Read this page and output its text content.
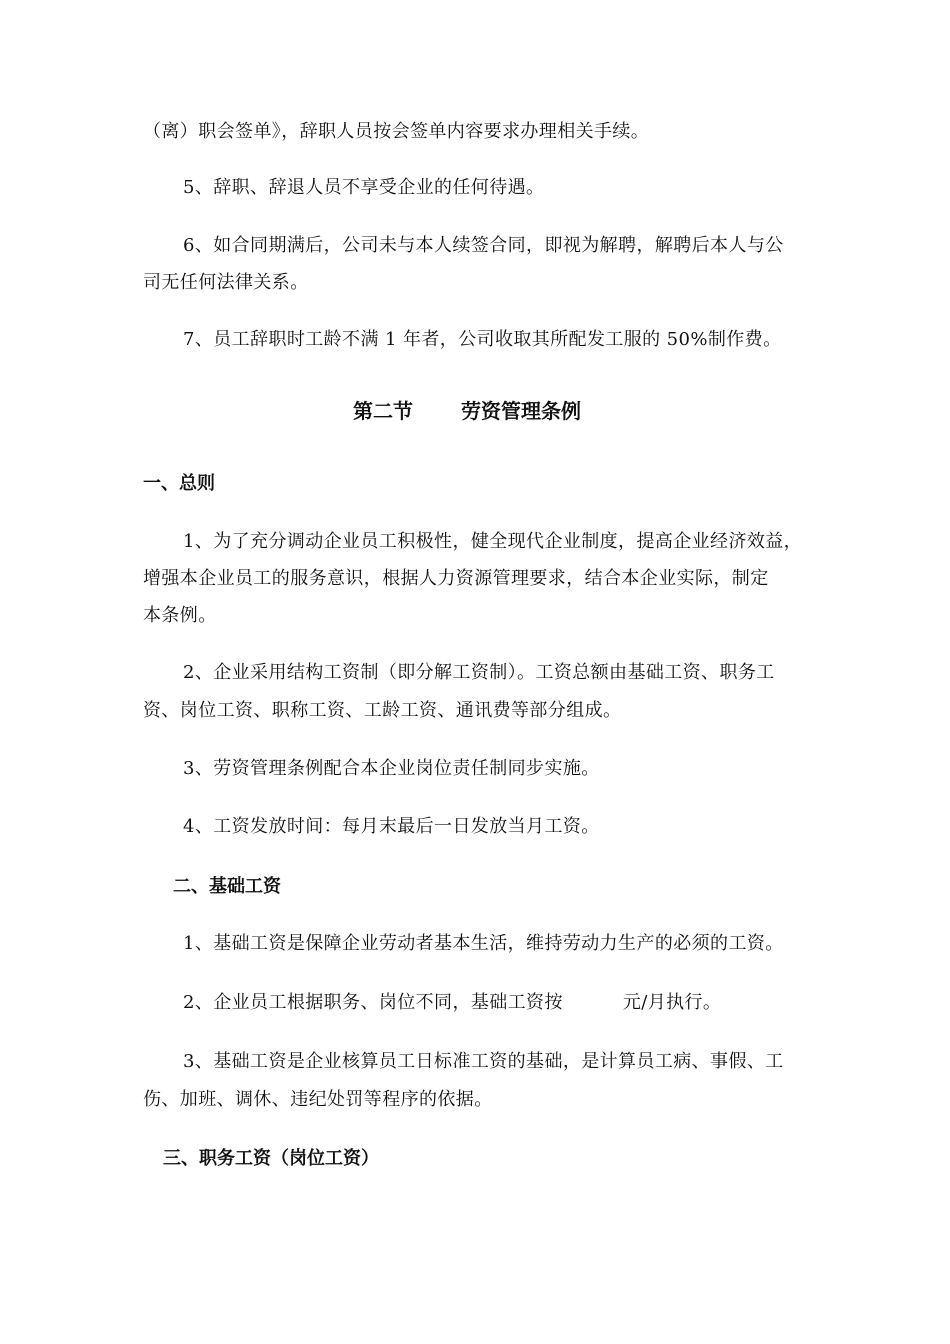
（离）职会签单》，辞职人员按会签单内容要求办理相关手续。
5、辞职、辞退人员不享受企业的任何待遇。
6、如合同期满后，公司未与本人续签合同，即视为解聘，解聘后本人与公
司无任何法律关系。
7、员工辞职时工龄不满 1 年者，公司收取其所配发工服的 50%制作费。
第二节 劳资管理条例
一、总则
1、为了充分调动企业员工积极性，健全现代企业制度，提高企业经济效益，
增强本企业员工的服务意识，根据人力资源管理要求，结合本企业实际，制定
本条例。
2、企业采用结构工资制（即分解工资制）。工资总额由基础工资、职务工
资、岗位工资、职称工资、工龄工资、通讯费等部分组成。
3、劳资管理条例配合本企业岗位责任制同步实施。
4、工资发放时间：每月末最后一日发放当月工资。
二、基础工资
1、基础工资是保障企业劳动者基本生活，维持劳动力生产的必须的工资。
2、企业员工根据职务、岗位不同，基础工资按	元/月执行。
3、基础工资是企业核算员工日标准工资的基础，是计算员工病、事假、工
伤、加班、调休、违纪处罚等程序的依据。
三、职务工资（岗位工资）
